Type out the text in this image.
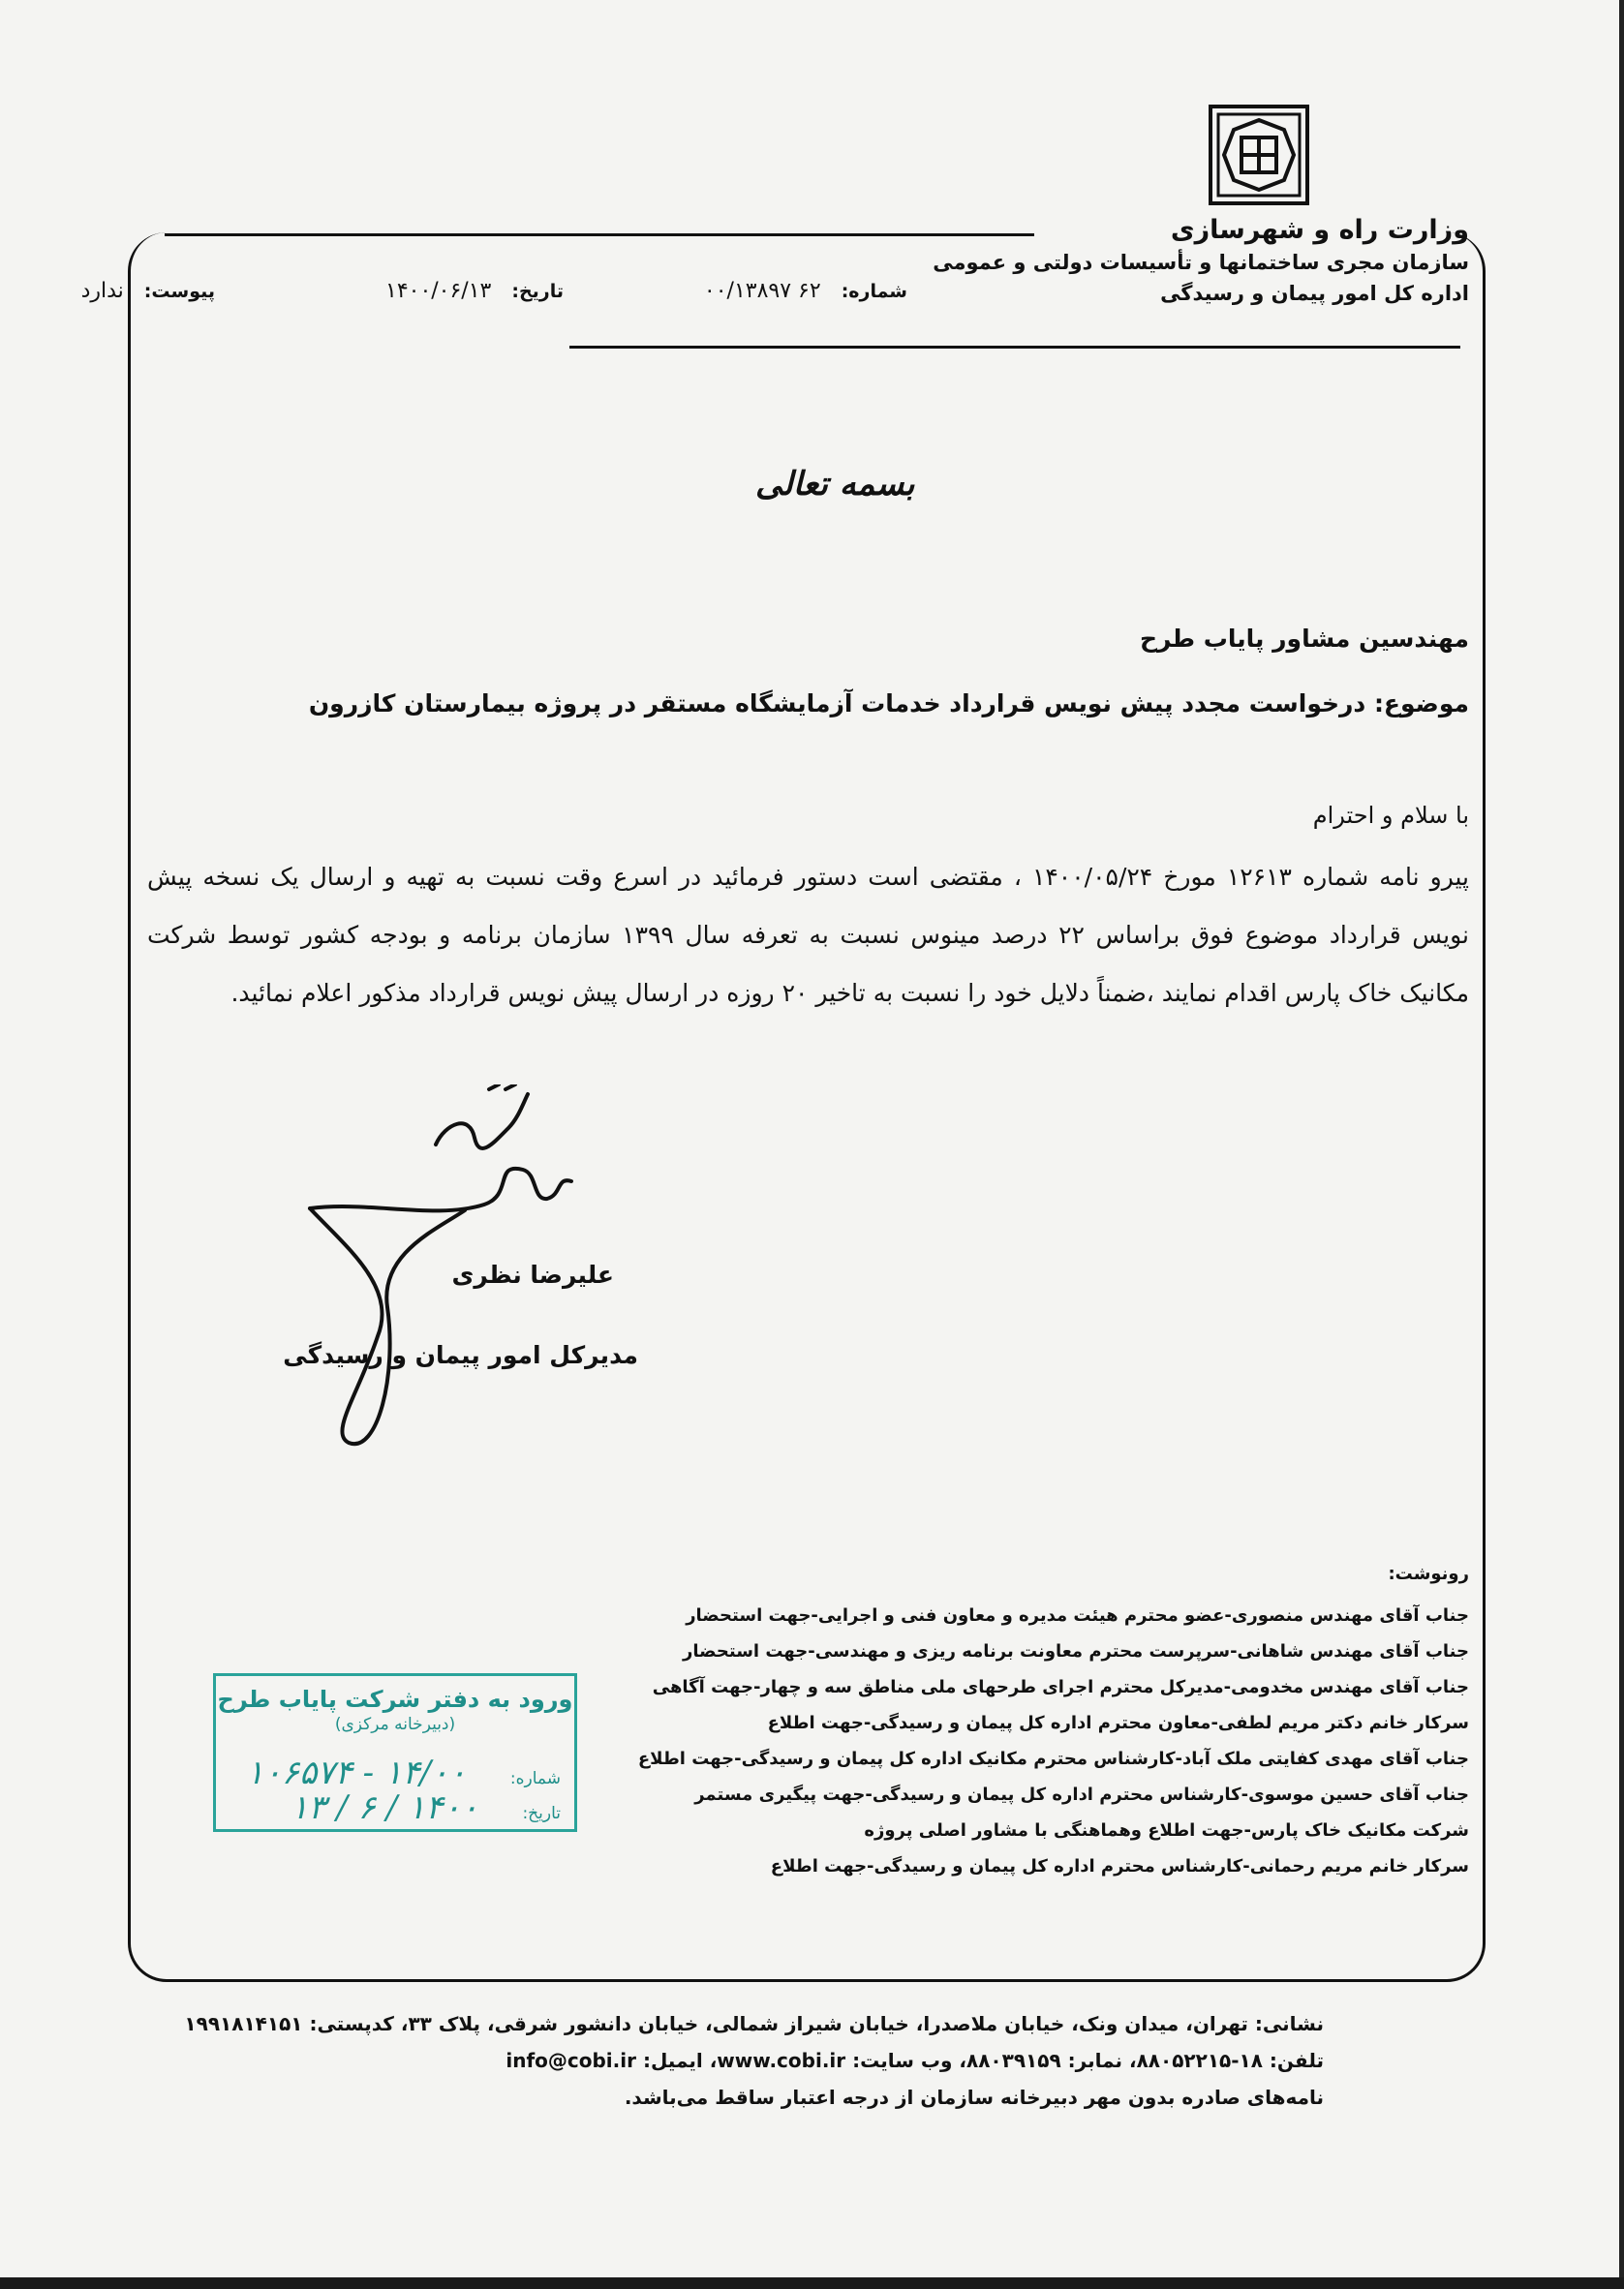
وزارت راه و شهرسازی
سازمان مجری ساختمانها و تأسیسات دولتی و عمومی
اداره کل امور پیمان و رسیدگی
شماره: ۶۲ ۰۰/۱۳۸۹۷
تاریخ: ۱۴۰۰/۰۶/۱۳
پیوست: ندارد
بسمه تعالی
مهندسین مشاور پایاب طرح
موضوع: درخواست مجدد پیش نویس قرارداد خدمات آزمایشگاه مستقر در پروژه بیمارستان کازرون
با سلام و احترام
پیرو نامه شماره ۱۲۶۱۳ مورخ ۱۴۰۰/۰۵/۲۴ ، مقتضی است دستور فرمائید در اسرع وقت نسبت به تهیه و ارسال یک نسخه پیش نویس قرارداد موضوع فوق براساس ۲۲ درصد مینوس نسبت به تعرفه سال ۱۳۹۹ سازمان برنامه و بودجه کشور توسط شرکت مکانیک خاک پارس اقدام نمایند ،ضمناً دلایل خود را نسبت به تاخیر ۲۰ روزه در ارسال پیش نویس قرارداد مذکور اعلام نمائید.
علیرضا نظری
مدیرکل امور پیمان و رسیدگی
رونوشت:
جناب آقای مهندس منصوری-عضو محترم هیئت مدیره و معاون فنی و اجرایی-جهت استحضار
جناب آقای مهندس شاهانی-سرپرست محترم معاونت برنامه ریزی و مهندسی-جهت استحضار
جناب آقای مهندس مخدومی-مدیرکل محترم اجرای طرحهای ملی مناطق سه و چهار-جهت آگاهی
سرکار خانم دکتر مریم لطفی-معاون محترم اداره کل پیمان و رسیدگی-جهت اطلاع
جناب آقای مهدی کفایتی ملک آباد-کارشناس محترم مکانیک اداره کل پیمان و رسیدگی-جهت اطلاع
جناب آقای حسین موسوی-کارشناس محترم اداره کل پیمان و رسیدگی-جهت پیگیری مستمر
شرکت مکانیک خاک پارس-جهت اطلاع وهماهنگی با مشاور اصلی پروژه
سرکار خانم مریم رحمانی-کارشناس محترم اداره کل پیمان و رسیدگی-جهت اطلاع
ورود به دفتر شرکت پایاب طرح
(دبیرخانه مرکزی)
شماره: ۱۴/۰۰ - ۱۰۶۵۷۴
تاریخ: ۱۴۰۰ / ۶ / ۱۳
نشانی: تهران، میدان ونک، خیابان ملاصدرا، خیابان شیراز شمالی، خیابان دانشور شرقی، پلاک ۳۳، کدپستی: ۱۹۹۱۸۱۴۱۵۱
تلفن: ۱۸-۸۸۰۵۲۲۱۵، نمابر: ۸۸۰۳۹۱۵۹، وب سایت: www.cobi.ir، ایمیل: info@cobi.ir
نامه‌های صادره بدون مهر دبیرخانه سازمان از درجه اعتبار ساقط می‌باشد.
